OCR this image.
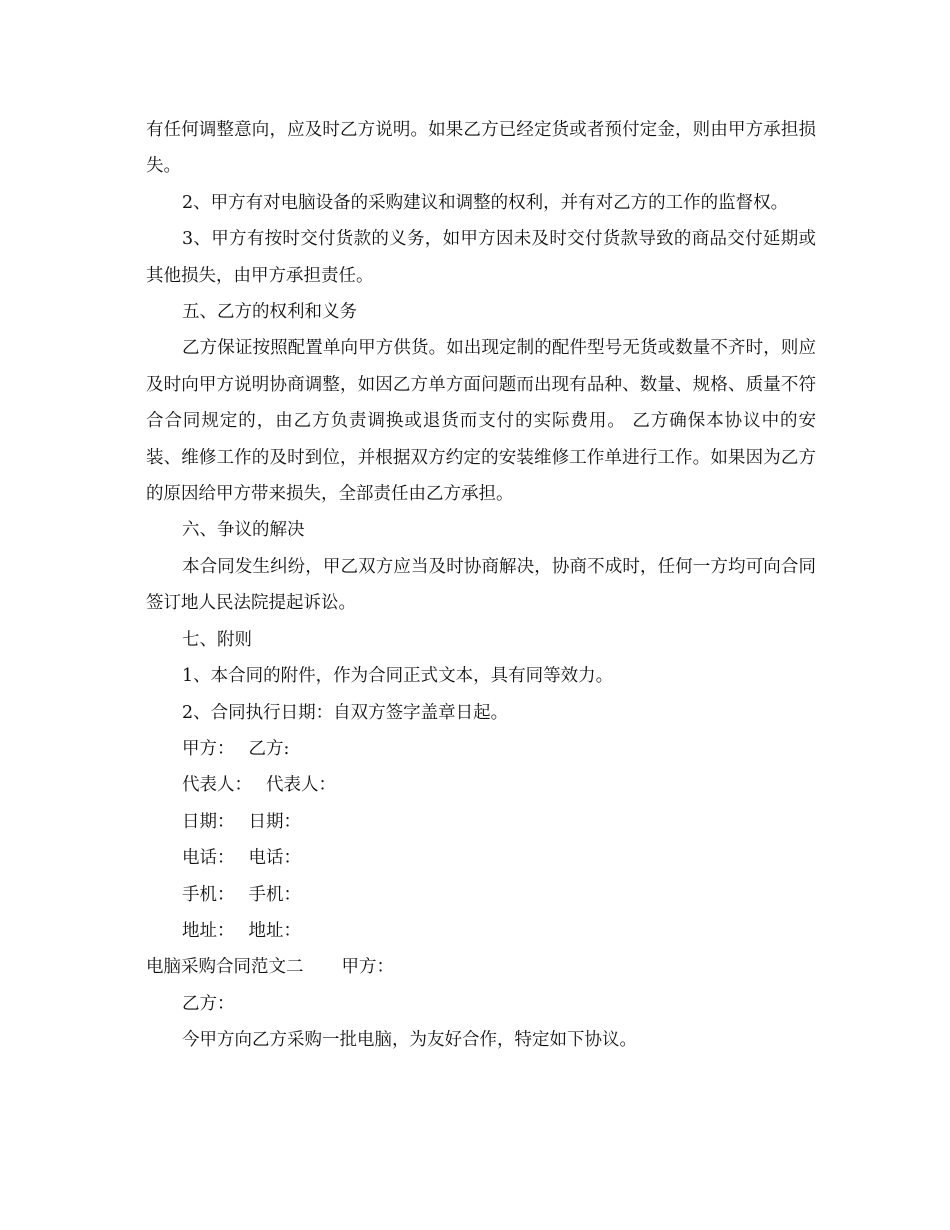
有任何调整意向，应及时乙方说明。如果乙方已经定货或者预付定金，则由甲方承担损失。

2、甲方有对电脑设备的采购建议和调整的权利，并有对乙方的工作的监督权。

3、甲方有按时交付货款的义务，如甲方因未及时交付货款导致的商品交付延期或其他损失，由甲方承担责任。

五、乙方的权利和义务

乙方保证按照配置单向甲方供货。如出现定制的配件型号无货或数量不齐时，则应及时向甲方说明协商调整，如因乙方单方面问题而出现有品种、数量、规格、质量不符合合同规定的，由乙方负责调换或退货而支付的实际费用。 乙方确保本协议中的安装、维修工作的及时到位，并根据双方约定的安装维修工作单进行工作。如果因为乙方的原因给甲方带来损失，全部责任由乙方承担。

六、争议的解决

本合同发生纠纷，甲乙双方应当及时协商解决，协商不成时，任何一方均可向合同签订地人民法院提起诉讼。

七、附则

1、本合同的附件，作为合同正式文本，具有同等效力。

2、合同执行日期：自双方签字盖章日起。

甲方： 乙方:

代表人： 代表人：

日期： 日期：

电话： 电话：

手机： 手机：

地址： 地址：

电脑采购合同范文二 甲方：

乙方：

今甲方向乙方采购一批电脑，为友好合作，特定如下协议。
